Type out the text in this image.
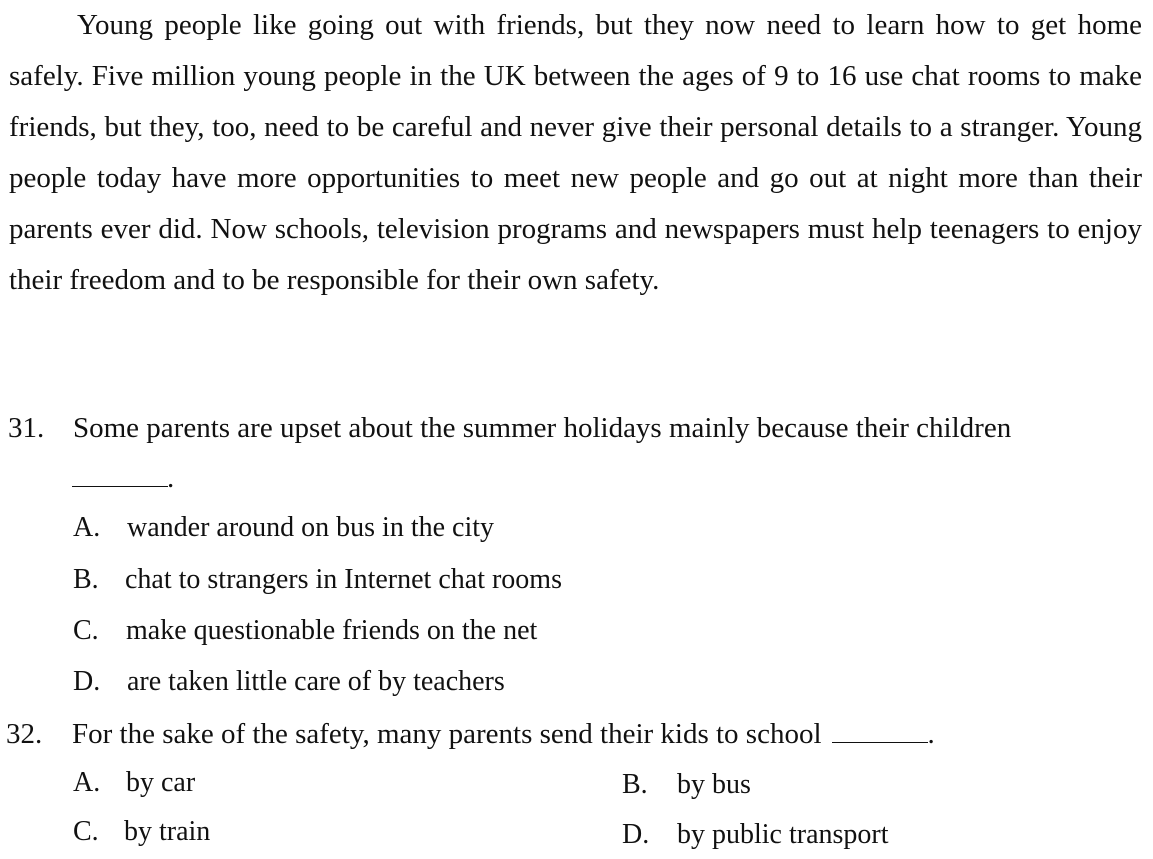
Young people like going out with friends, but they now need to learn how to get home safely. Five million young people in the UK between the ages of 9 to 16 use chat rooms to make friends, but they, too, need to be careful and never give their personal details to a stranger. Young people today have more opportunities to meet new people and go out at night more than their parents ever did. Now schools, television programs and newspapers must help teenagers to enjoy their freedom and to be responsible for their own safety.

31. Some parents are upset about the summer holidays mainly because their children
.
A. wander around on bus in the city
B. chat to strangers in Internet chat rooms
C. make questionable friends on the net
D. are taken little care of by teachers
32. For the sake of the safety, many parents send their kids to school	.
A. by car	B. by bus
C. by train	D. by public transport
